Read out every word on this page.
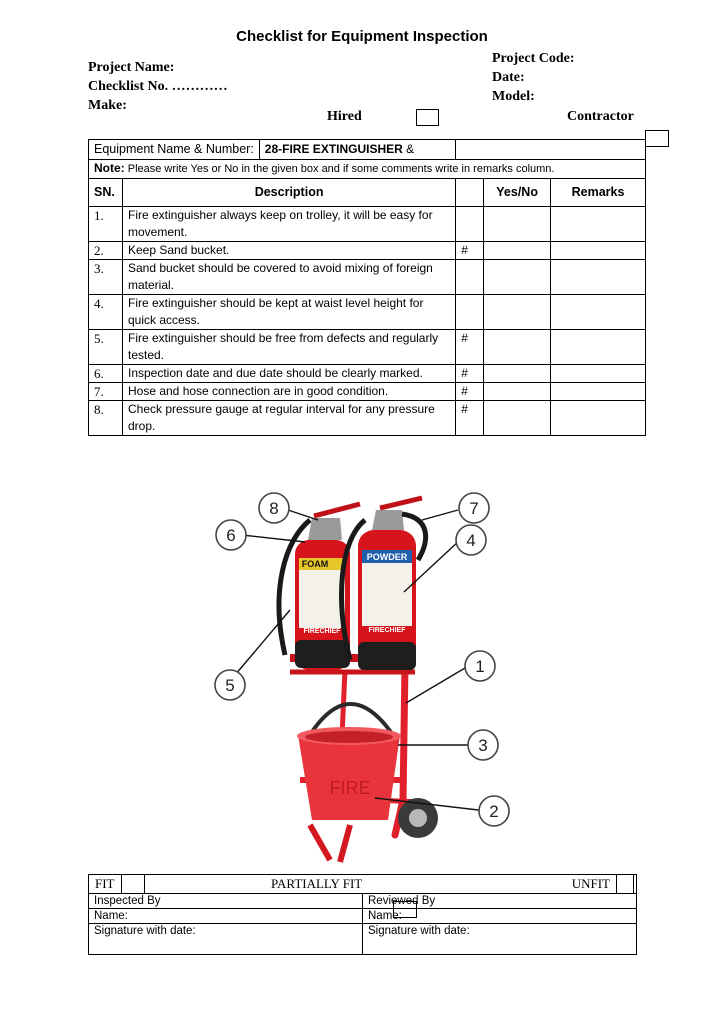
Checklist for Equipment Inspection
Project Name:
Checklist No. …………
Make:
Project Code:
Date:
Model:
Hired	Contractor
Equipment Name & Number: 28-FIRE EXTINGUISHER &				

Note: Please write Yes or No in the given box and if some comments write in remarks column.				
SN.	Description		Yes/No	Remarks
1.	Fire extinguisher always keep on trolley, it will be easy for movement.			
2.	Keep Sand bucket.	#		
3.	Sand bucket should be covered to avoid mixing of foreign material.			
4.	Fire extinguisher should be kept at waist level height for quick access.			
5.	Fire extinguisher should be free from defects and regularly tested.	#		
6.	Inspection date and due date should be clearly marked.	#		
7.	Hose and hose connection are in good condition.	#		
8.	Check pressure gauge at regular interval for any pressure drop.	#		
FIRE
FOAM
FIRECHIEF
POWDER
FIRECHIEF
1
2
3
4
5
6
7
8
FIT		PARTIALLY FIT	UNFIT		
Inspected By	Reviewed By
Name:	Name:
Signature with date:	Signature with date:
